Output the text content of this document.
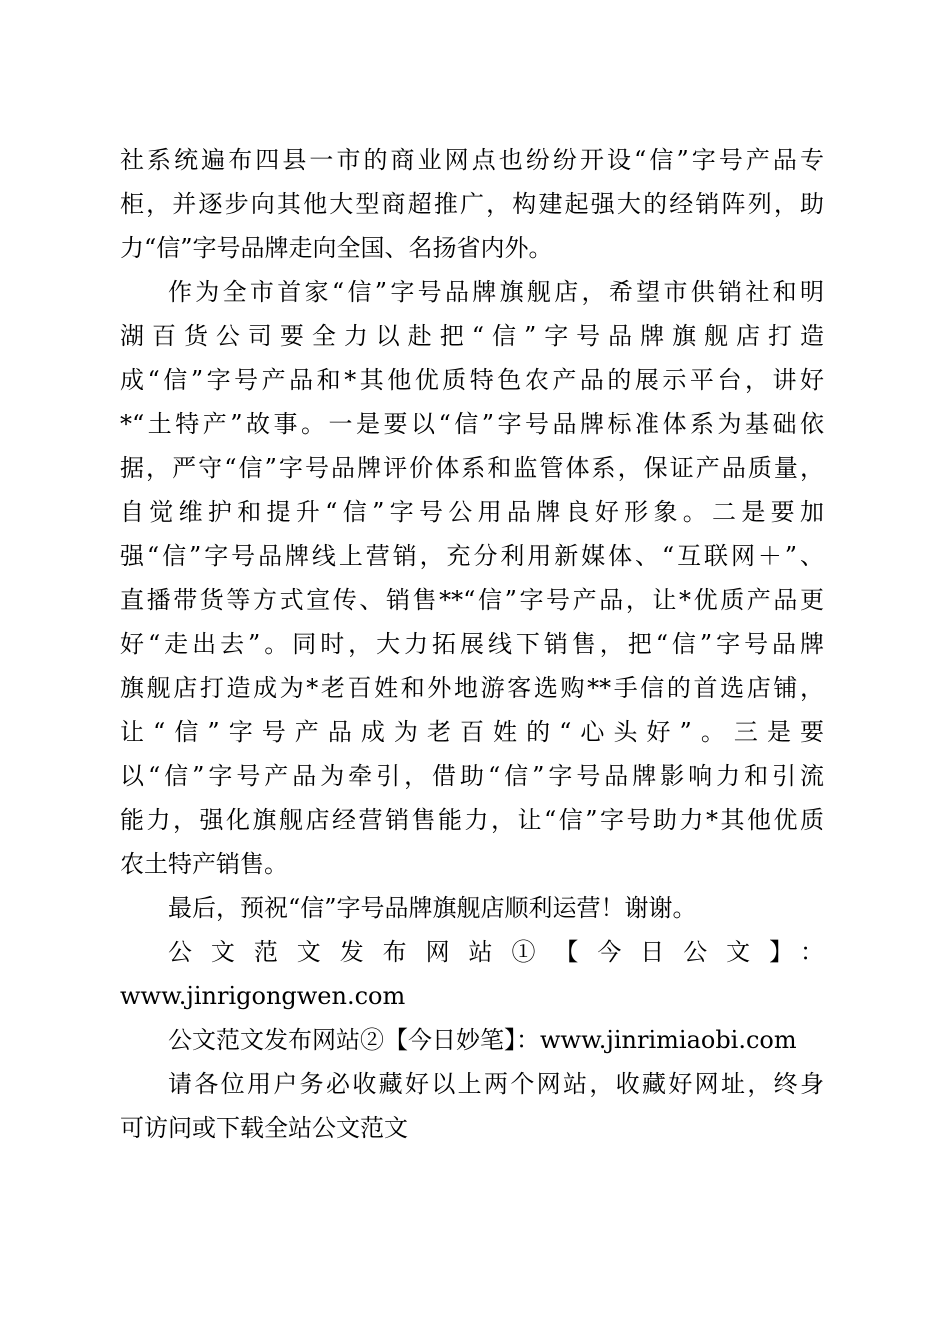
社系统遍布四县一市的商业网点也纷纷开设“信”字号产品专
柜，并逐步向其他大型商超推广，构建起强大的经销阵列，助
力“信”字号品牌走向全国、名扬省内外。
作为全市首家“信”字号品牌旗舰店，希望市供销社和明
湖百货公司要全力以赴把“信”字号品牌旗舰店打造
成“信”字号产品和*其他优质特色农产品的展示平台，讲好
*“土特产”故事。一是要以“信”字号品牌标准体系为基础依
据，严守“信”字号品牌评价体系和监管体系，保证产品质量，
自觉维护和提升“信”字号公用品牌良好形象。二是要加
强“信”字号品牌线上营销，充分利用新媒体、“互联网＋”、
直播带货等方式宣传、销售**“信”字号产品，让*优质产品更
好“走出去”。同时，大力拓展线下销售，把“信”字号品牌
旗舰店打造成为*老百姓和外地游客选购**手信的首选店铺，
让“信”字号产品成为老百姓的“心头好”。三是要
以“信”字号产品为牵引，借助“信”字号品牌影响力和引流
能力，强化旗舰店经营销售能力，让“信”字号助力*其他优质
农土特产销售。
最后，预祝“信”字号品牌旗舰店顺利运营！谢谢。
公文范文发布网站①【今日公文】：
www.jinrigongwen.com
公文范文发布网站②【今日妙笔】：www.jinrimiaobi.com
请各位用户务必收藏好以上两个网站，收藏好网址，终身
可访问或下载全站公文范文
